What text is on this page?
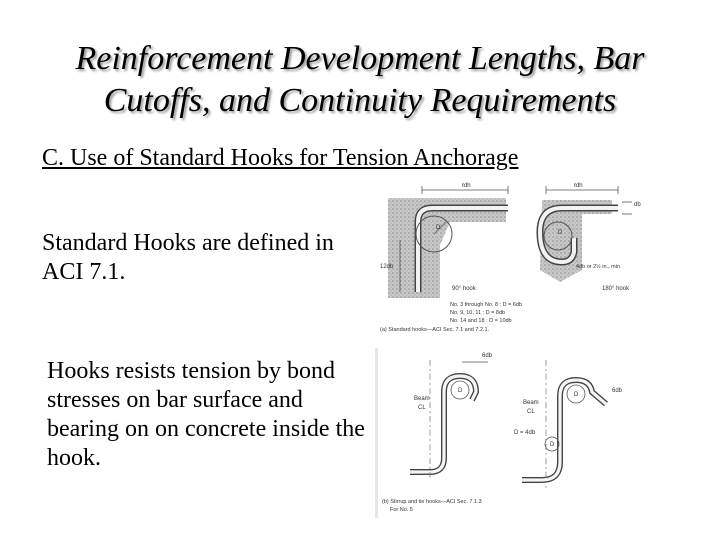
Reinforcement Development Lengths, Bar
Cutoffs, and Continuity Requirements
C. Use of Standard Hooks for Tension Anchorage
Standard Hooks are defined in ACI 7.1.
Hooks resists tension by bond stresses on bar surface and bearing on on concrete inside the hook.
ℓdh	ℓdh
db
12db
D
D
90° hook	180° hook
4db or 2½ in., min
No. 3 through No. 8 : D = 6db
No. 9, 10, 11 : D = 8db
No. 14 and 18 : D = 10db
(a) Standard hooks—ACI Sec. 7.1 and 7.2.1.
6db
6db
Beam
CL
Beam
CL
D
D
D
D = 4db
(b) Stirrup and tie hooks—ACI Sec. 7.1.3
For No. 5
